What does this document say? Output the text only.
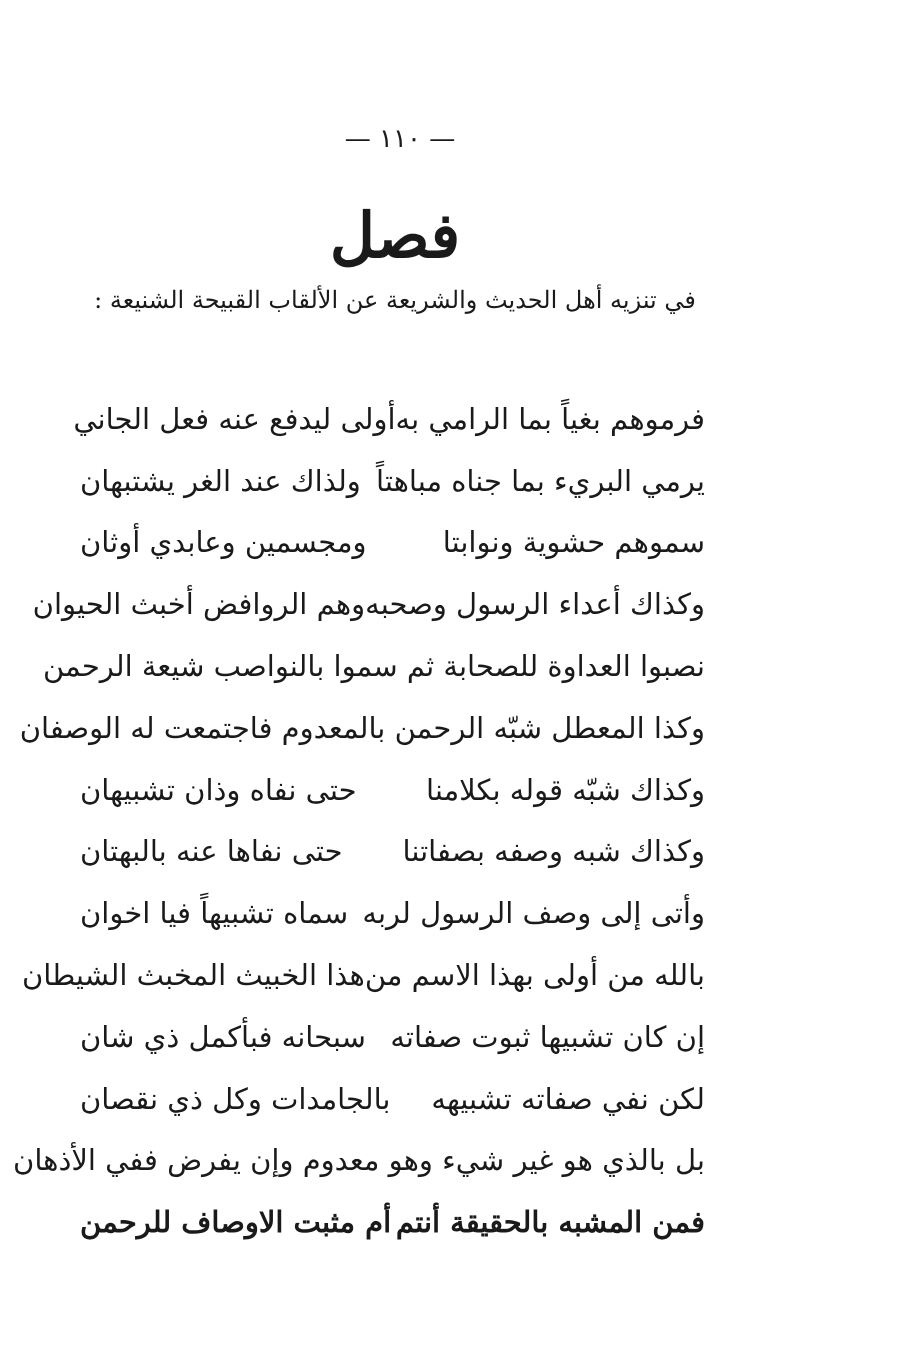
— ١١٠ —
فصل
في تنزيه أهل الحديث والشريعة عن الألقاب القبيحة الشنيعة :
فرموهم بغياً بما الرامي به
أولى ليدفع عنه فعل الجاني
يرمي البريء بما جناه مباهتاً
ولذاك عند الغر يشتبهان
سموهم حشوية ونوابتا
ومجسمين وعابدي أوثان
وكذاك أعداء الرسول وصحبه
وهم الروافض أخبث الحيوان
نصبوا العداوة للصحابة ثم سموا بالنواصب شيعة الرحمن
وكذا المعطل شبّه الرحمن بالمعدوم فاجتمعت له الوصفان
وكذاك شبّه قوله بكلامنا
حتى نفاه وذان تشبيهان
وكذاك شبه وصفه بصفاتنا
حتى نفاها عنه بالبهتان
وأتى إلى وصف الرسول لربه
سماه تشبيهاً فيا اخوان
بالله من أولى بهذا الاسم من
هذا الخبيث المخبث الشيطان
إن كان تشبيها ثبوت صفاته
سبحانه فبأكمل ذي شان
لكن نفي صفاته تشبيهه
بالجامدات وكل ذي نقصان
بل بالذي هو غير شيء وهو معدوم وإن يفرض ففي الأذهان
فمن المشبه بالحقيقة أنتم
أم مثبت الاوصاف للرحمن
